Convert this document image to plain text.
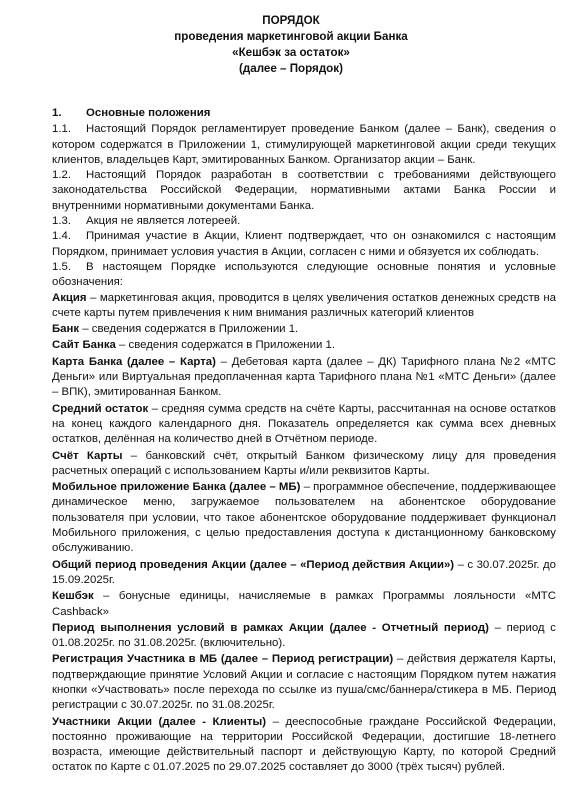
ПОРЯДОК
проведения маркетинговой акции Банка
«Кешбэк за остаток»
(далее – Порядок)
1. Основные положения

1.1. Настоящий Порядок регламентирует проведение Банком (далее – Банк), сведения о котором содержатся в Приложении 1, стимулирующей маркетинговой акции среди текущих клиентов, владельцев Карт, эмитированных Банком. Организатор акции – Банк.

1.2. Настоящий Порядок разработан в соответствии с требованиями действующего законодательства Российской Федерации, нормативными актами Банка России и внутренними нормативными документами Банка.

1.3. Акция не является лотереей.

1.4. Принимая участие в Акции, Клиент подтверждает, что он ознакомился с настоящим Порядком, принимает условия участия в Акции, согласен с ними и обязуется их соблюдать.

1.5. В настоящем Порядке используются следующие основные понятия и условные обозначения:

Акция – маркетинговая акция, проводится в целях увеличения остатков денежных средств на счете карты путем привлечения к ним внимания различных категорий клиентов

Банк – сведения содержатся в Приложении 1.

Сайт Банка – сведения содержатся в Приложении 1.

Карта Банка (далее – Карта) – Дебетовая карта (далее – ДК) Тарифного плана №2 «МТС Деньги» или Виртуальная предоплаченная карта Тарифного плана №1 «МТС Деньги» (далее – ВПК), эмитированная Банком.

Средний остаток – средняя сумма средств на счёте Карты, рассчитанная на основе остатков на конец каждого календарного дня. Показатель определяется как сумма всех дневных остатков, делённая на количество дней в Отчётном периоде.

Счёт Карты – банковский счёт, открытый Банком физическому лицу для проведения расчетных операций с использованием Карты и/или реквизитов Карты.

Мобильное приложение Банка (далее – МБ) – программное обеспечение, поддерживающее динамическое меню, загружаемое пользователем на абонентское оборудование пользователя при условии, что такое абонентское оборудование поддерживает функционал Мобильного приложения, с целью предоставления доступа к дистанционному банковскому обслуживанию.

Общий период проведения Акции (далее – «Период действия Акции») – с 30.07.2025г. до 15.09.2025г.

Кешбэк – бонусные единицы, начисляемые в рамках Программы лояльности «МТС Cashback»

Период выполнения условий в рамках Акции (далее - Отчетный период) – период с 01.08.2025г. по 31.08.2025г. (включительно).

Регистрация Участника в МБ (далее – Период регистрации) – действия держателя Карты, подтверждающие принятие Условий Акции и согласие с настоящим Порядком путем нажатия кнопки «Участвовать» после перехода по ссылке из пуша/смс/баннера/стикера в МБ. Период регистрации с 30.07.2025г. по 31.08.2025г.

Участники Акции (далее - Клиенты) – дееспособные граждане Российской Федерации, постоянно проживающие на территории Российской Федерации, достигшие 18-летнего возраста, имеющие действительный паспорт и действующую Карту, по которой Средний остаток по Карте с 01.07.2025 по 29.07.2025 составляет до 3000 (трёх тысяч) рублей.
